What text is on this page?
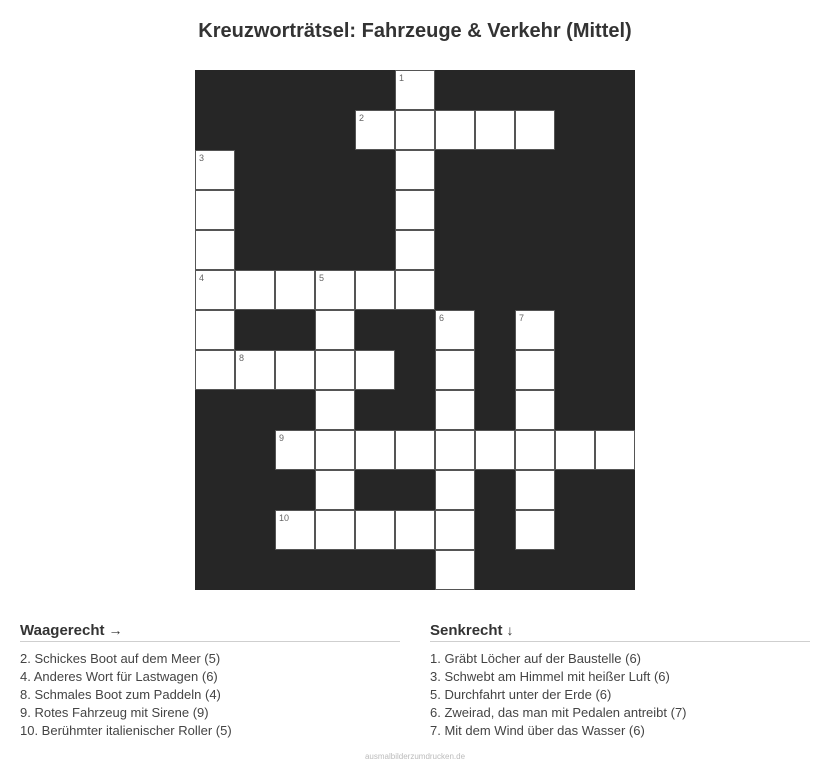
Kreuzworträtsel: Fahrzeuge & Verkehr (Mittel)
1
2
3
4	5
6	7
8
9
10
Waagerecht →
2. Schickes Boot auf dem Meer (5)
4. Anderes Wort für Lastwagen (6)
8. Schmales Boot zum Paddeln (4)
9. Rotes Fahrzeug mit Sirene (9)
10. Berühmter italienischer Roller (5)
Senkrecht ↓
1. Gräbt Löcher auf der Baustelle (6)
3. Schwebt am Himmel mit heißer Luft (6)
5. Durchfahrt unter der Erde (6)
6. Zweirad, das man mit Pedalen antreibt (7)
7. Mit dem Wind über das Wasser (6)
ausmalbilderzumdrucken.de
